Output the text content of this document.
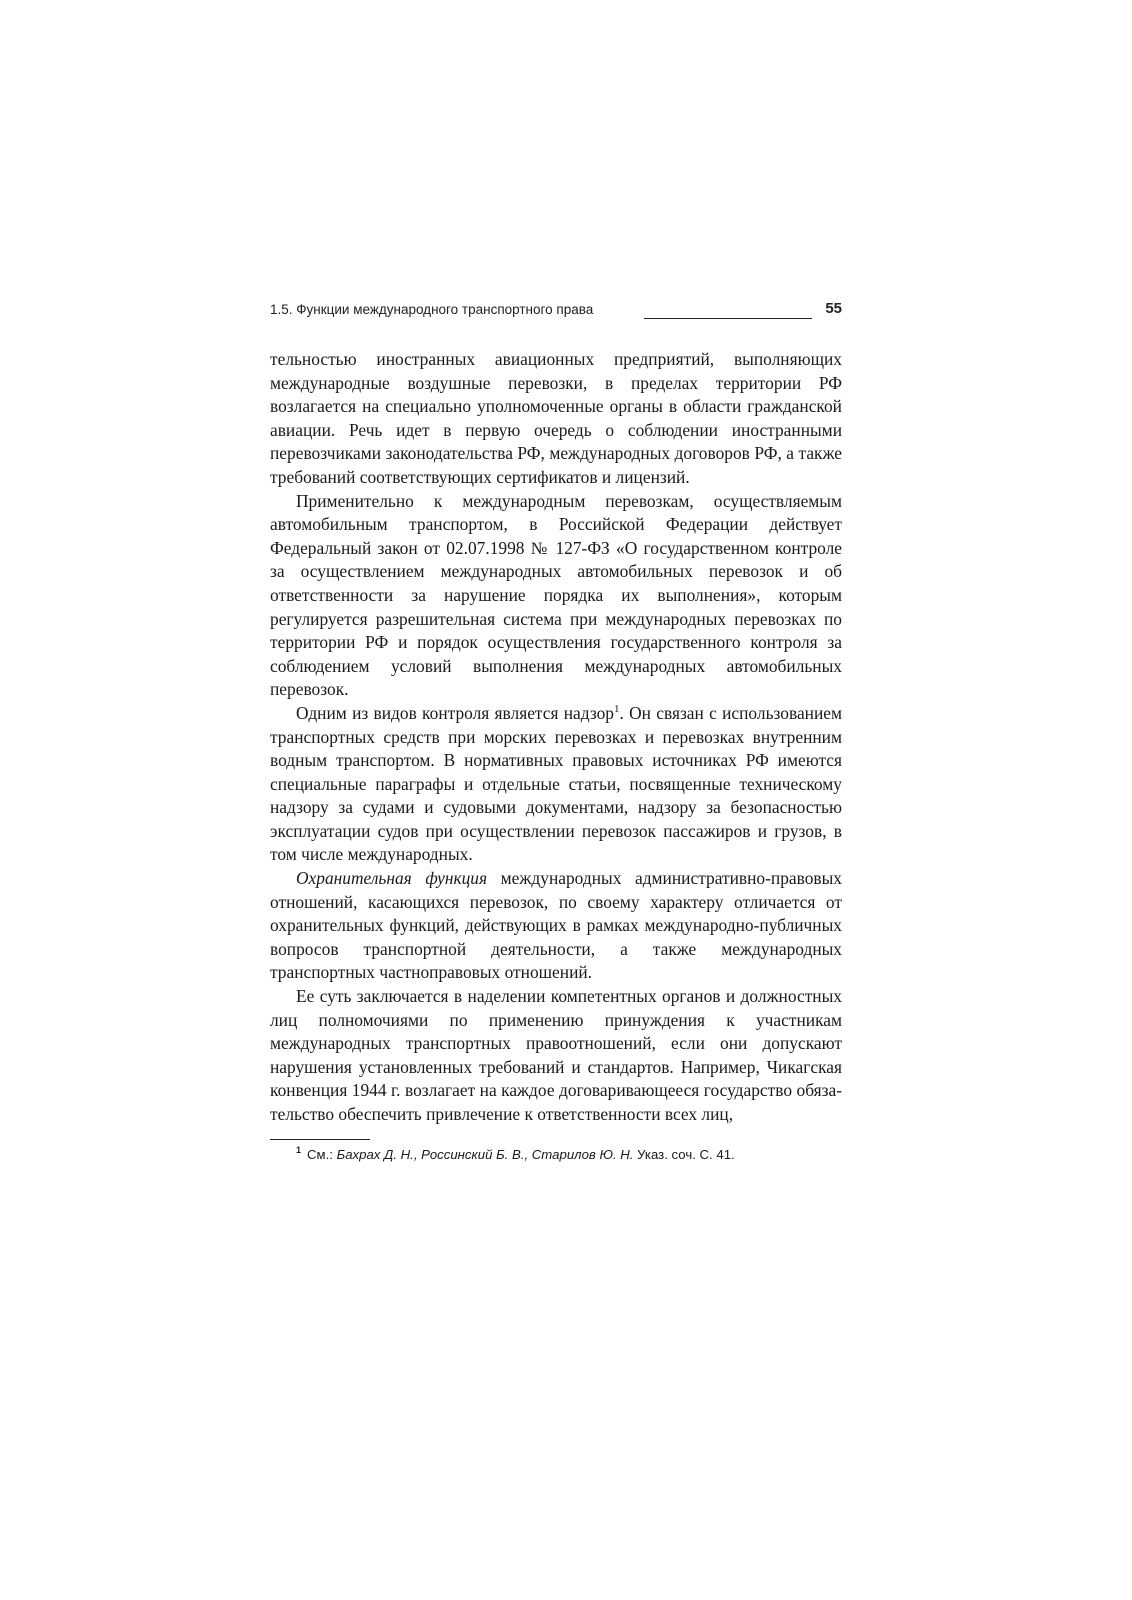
1.5. Функции международного транспортного права	55

тельностью иностранных авиационных предприятий, выполняющих международные воздушные перевозки, в пределах территории РФ возлагается на специально уполномоченные органы в области гражданской авиации. Речь идет в первую очередь о соблюдении иностранными перевозчиками законодательства РФ, международных договоров РФ, а также требований соответствующих сертификатов и лицензий.

Применительно к международным перевозкам, осуществляемым автомобильным транспортом, в Российской Федерации действует Федеральный закон от 02.07.1998 № 127-ФЗ «О государственном контроле за осуществлением международных автомобильных перевозок и об ответственности за нарушение порядка их выполнения», которым регулируется разрешительная система при международных перевозках по территории РФ и порядок осуществления государственного контроля за соблюдением условий выполнения международных автомобильных перевозок.

Одним из видов контроля является надзор$^1$. Он связан с использованием транспортных средств при морских перевозках и перевозках внутренним водным транспортом. В нормативных правовых источниках РФ имеются специальные параграфы и отдельные статьи, посвященные техническому надзору за судами и судовыми документами, надзору за безопасностью эксплуатации судов при осуществлении перевозок пассажиров и грузов, в том числе международных.

Охранительная функция международных административно-правовых отношений, касающихся перевозок, по своему характеру отличается от охранительных функций, действующих в рамках международно-публичных вопросов транспортной деятельности, а также международных транспортных частноправовых отношений.

Ее суть заключается в наделении компетентных органов и должностных лиц полномочиями по применению принуждения к участникам международных транспортных правоотношений, если они допускают нарушения установленных требований и стандартов. Например, Чикагская конвенция 1944 г. возлагает на каждое договаривающееся государство обязательство обеспечить привлечение к ответственности всех лиц,

$^1$ См.: Бахрах Д. Н., Россинский Б. В., Старилов Ю. Н. Указ. соч. С. 41.
